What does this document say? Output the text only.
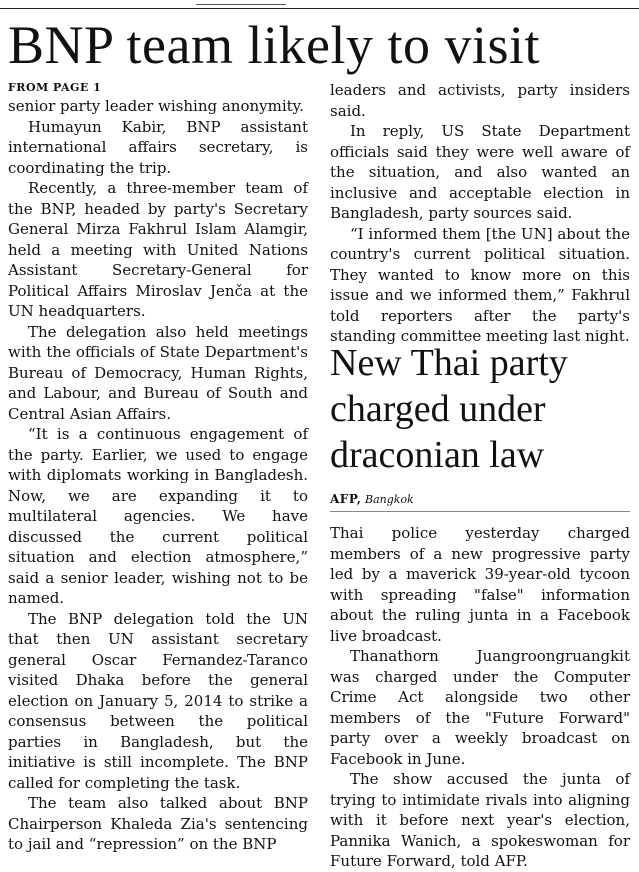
BNP team likely to visit
FROM PAGE 1

senior party leader wishing anonymity.

Humayun Kabir, BNP assistant international affairs secretary, is coordinating the trip.

Recently, a three-member team of the BNP, headed by party's Secretary General Mirza Fakhrul Islam Alamgir, held a meeting with United Nations Assistant Secretary-General for Political Affairs Miroslav Jenča at the UN headquarters.

The delegation also held meetings with the officials of State Department's Bureau of Democracy, Human Rights, and Labour, and Bureau of South and Central Asian Affairs.

“It is a continuous engagement of the party. Earlier, we used to engage with diplomats working in Bangladesh. Now, we are expanding it to multilateral agencies. We have discussed the current political situation and election atmosphere,” said a senior leader, wishing not to be named.

The BNP delegation told the UN that then UN assistant secretary general Oscar Fernandez-Taranco visited Dhaka before the general election on January 5, 2014 to strike a consensus between the political parties in Bangladesh, but the initiative is still incomplete. The BNP called for completing the task.

The team also talked about BNP Chairperson Khaleda Zia's sentencing to jail and “repression” on the BNP

leaders and activists, party insiders said.

In reply, US State Department officials said they were well aware of the situation, and also wanted an inclusive and acceptable election in Bangladesh, party sources said.

“I informed them [the UN] about the country's current political situation. They wanted to know more on this issue and we informed them,” Fakhrul told reporters after the party's standing committee meeting last night.

New Thai party charged under draconian law
AFP, Bangkok

Thai police yesterday charged members of a new progressive party led by a maverick 39-year-old tycoon with spreading "false" information about the ruling junta in a Facebook live broadcast.

Thanathorn Juangroongruangkit was charged under the Computer Crime Act alongside two other members of the "Future Forward" party over a weekly broadcast on Facebook in June.

The show accused the junta of trying to intimidate rivals into aligning with it before next year's election, Pannika Wanich, a spokeswoman for Future Forward, told AFP.
